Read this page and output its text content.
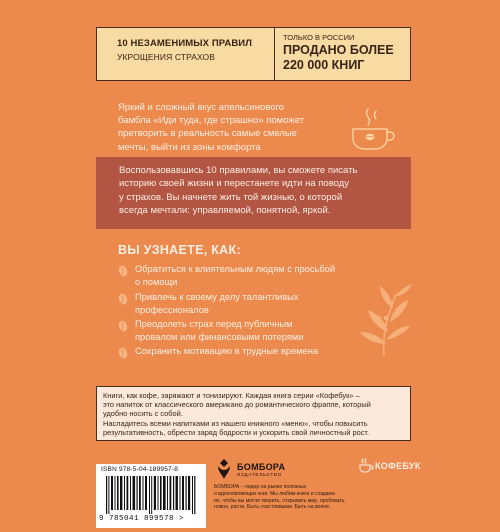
10 НЕЗАМЕНИМЫХ ПРАВИЛ
УКРОЩЕНИЯ СТРАХОВ
ТОЛЬКО В РОССИИ
ПРОДАНО БОЛЕЕ
220 000 КНИГ
Яркий и сложный вкус апельсинового
бамбла «Иди туда, где страшно» поможет
претворить в реальность самые смелые
мечты, выйти из зоны комфорта
Воспользовавшись 10 правилами, вы сможете писать
историю своей жизни и перестанете идти на поводу
у страхов. Вы начнете жить той жизнью, о которой
всегда мечтали: управляемой, понятной, яркой.
ВЫ УЗНАЕТЕ, КАК:
Обратиться к влиятельным людям с просьбой
о помощи
Привлечь к своему делу талантливых
профессионалов
Преодолеть страх перед публичным
провалом или финансовыми потерями
Сохранить мотивацию в трудные времена

Книги, как кофе, заряжают и тонизируют. Каждая книга серии «Кофебук» –

это напиток от классического американо до романтического фраппе, который

удобно носить с собой.

Насладитесь всеми напитками из нашего книжного «меню», чтобы повысить

результативность, обрести заряд бодрости и ускорить свой личностный рост.

ISBN 978-5-04-189957-8
9 785041 899578 >
БОМБОРА
ИЗДАТЕЛЬСТВО
БОМБОРА – лидер на рынке полезных
и вдохновляющих книг. Мы любим книги и создаем
их, чтобы вы могли творить, открывать мир, пробовать
новое, расти. Быть счастливыми. Быть на волне.
КОФЕБУК
